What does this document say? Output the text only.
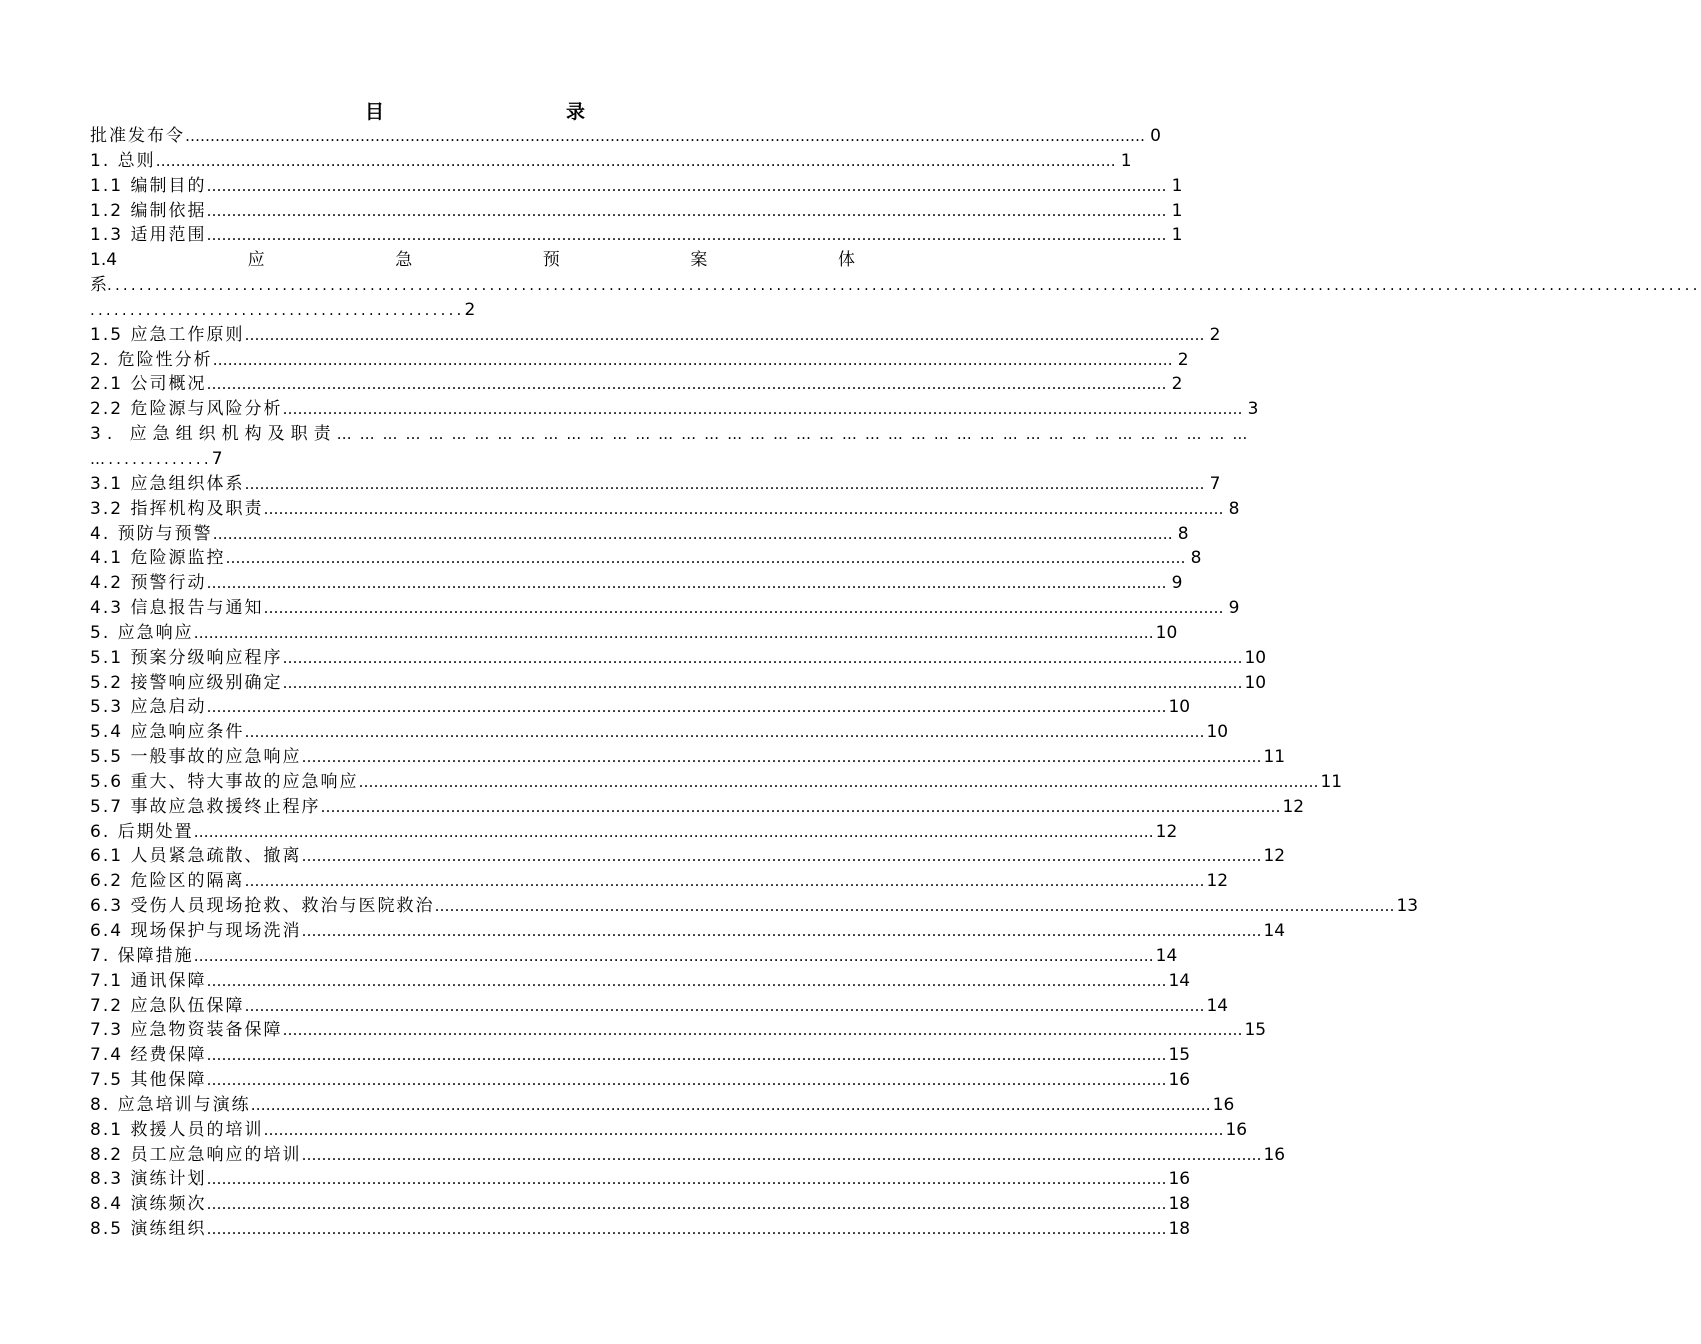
目　　录
批准发布令 …………………………………………………………………………………………………………………………………………………………………………	0
1. 总则 …………………………………………………………………………………………………………………………………………………………………………	1
1.1 编制目的 …………………………………………………………………………………………………………………………………………………………………………	1
1.2 编制依据 …………………………………………………………………………………………………………………………………………………………………………	1
1.3 适用范围 …………………………………………………………………………………………………………………………………………………………………………	1
1.4	应	急	预	案	体
系........................................................................................................................................................................................................
...............................................2
1.5 应急工作原则 …………………………………………………………………………………………………………………………………………………………………………	2
2. 危险性分析 …………………………………………………………………………………………………………………………………………………………………………	2
2.1 公司概况 …………………………………………………………………………………………………………………………………………………………………………	2
2.2 危险源与风险分析 …………………………………………………………………………………………………………………………………………………………………………	3
3. 应急组织机构及职责… … … … … … … … … … … … … … … … … … … … … … … … … … … … … … … … … … … … … … … …
….............7
3.1 应急组织体系 …………………………………………………………………………………………………………………………………………………………………………	7
3.2 指挥机构及职责 …………………………………………………………………………………………………………………………………………………………………………	8
4. 预防与预警 …………………………………………………………………………………………………………………………………………………………………………	8
4.1 危险源监控 …………………………………………………………………………………………………………………………………………………………………………	8
4.2 预警行动 …………………………………………………………………………………………………………………………………………………………………………	9
4.3 信息报告与通知 …………………………………………………………………………………………………………………………………………………………………………	9
5. 应急响应 …………………………………………………………………………………………………………………………………………………………………………	10
5.1 预案分级响应程序 …………………………………………………………………………………………………………………………………………………………………………	10
5.2 接警响应级别确定 …………………………………………………………………………………………………………………………………………………………………………	10
5.3 应急启动 …………………………………………………………………………………………………………………………………………………………………………	10
5.4 应急响应条件 …………………………………………………………………………………………………………………………………………………………………………	10
5.5 一般事故的应急响应 …………………………………………………………………………………………………………………………………………………………………………	11
5.6 重大、特大事故的应急响应 …………………………………………………………………………………………………………………………………………………………………………	11
5.7 事故应急救援终止程序 …………………………………………………………………………………………………………………………………………………………………………	12
6. 后期处置 …………………………………………………………………………………………………………………………………………………………………………	12
6.1 人员紧急疏散、撤离 …………………………………………………………………………………………………………………………………………………………………………	12
6.2 危险区的隔离 …………………………………………………………………………………………………………………………………………………………………………	12
6.3 受伤人员现场抢救、救治与医院救治 …………………………………………………………………………………………………………………………………………………………………………	13
6.4 现场保护与现场洗消 …………………………………………………………………………………………………………………………………………………………………………	14
7. 保障措施 …………………………………………………………………………………………………………………………………………………………………………	14
7.1 通讯保障 …………………………………………………………………………………………………………………………………………………………………………	14
7.2 应急队伍保障 …………………………………………………………………………………………………………………………………………………………………………	14
7.3 应急物资装备保障 …………………………………………………………………………………………………………………………………………………………………………	15
7.4 经费保障 …………………………………………………………………………………………………………………………………………………………………………	15
7.5 其他保障 …………………………………………………………………………………………………………………………………………………………………………	16
8. 应急培训与演练 …………………………………………………………………………………………………………………………………………………………………………	16
8.1 救援人员的培训 …………………………………………………………………………………………………………………………………………………………………………	16
8.2 员工应急响应的培训 …………………………………………………………………………………………………………………………………………………………………………	16
8.3 演练计划 …………………………………………………………………………………………………………………………………………………………………………	16
8.4 演练频次 …………………………………………………………………………………………………………………………………………………………………………	18
8.5 演练组织 …………………………………………………………………………………………………………………………………………………………………………	18
